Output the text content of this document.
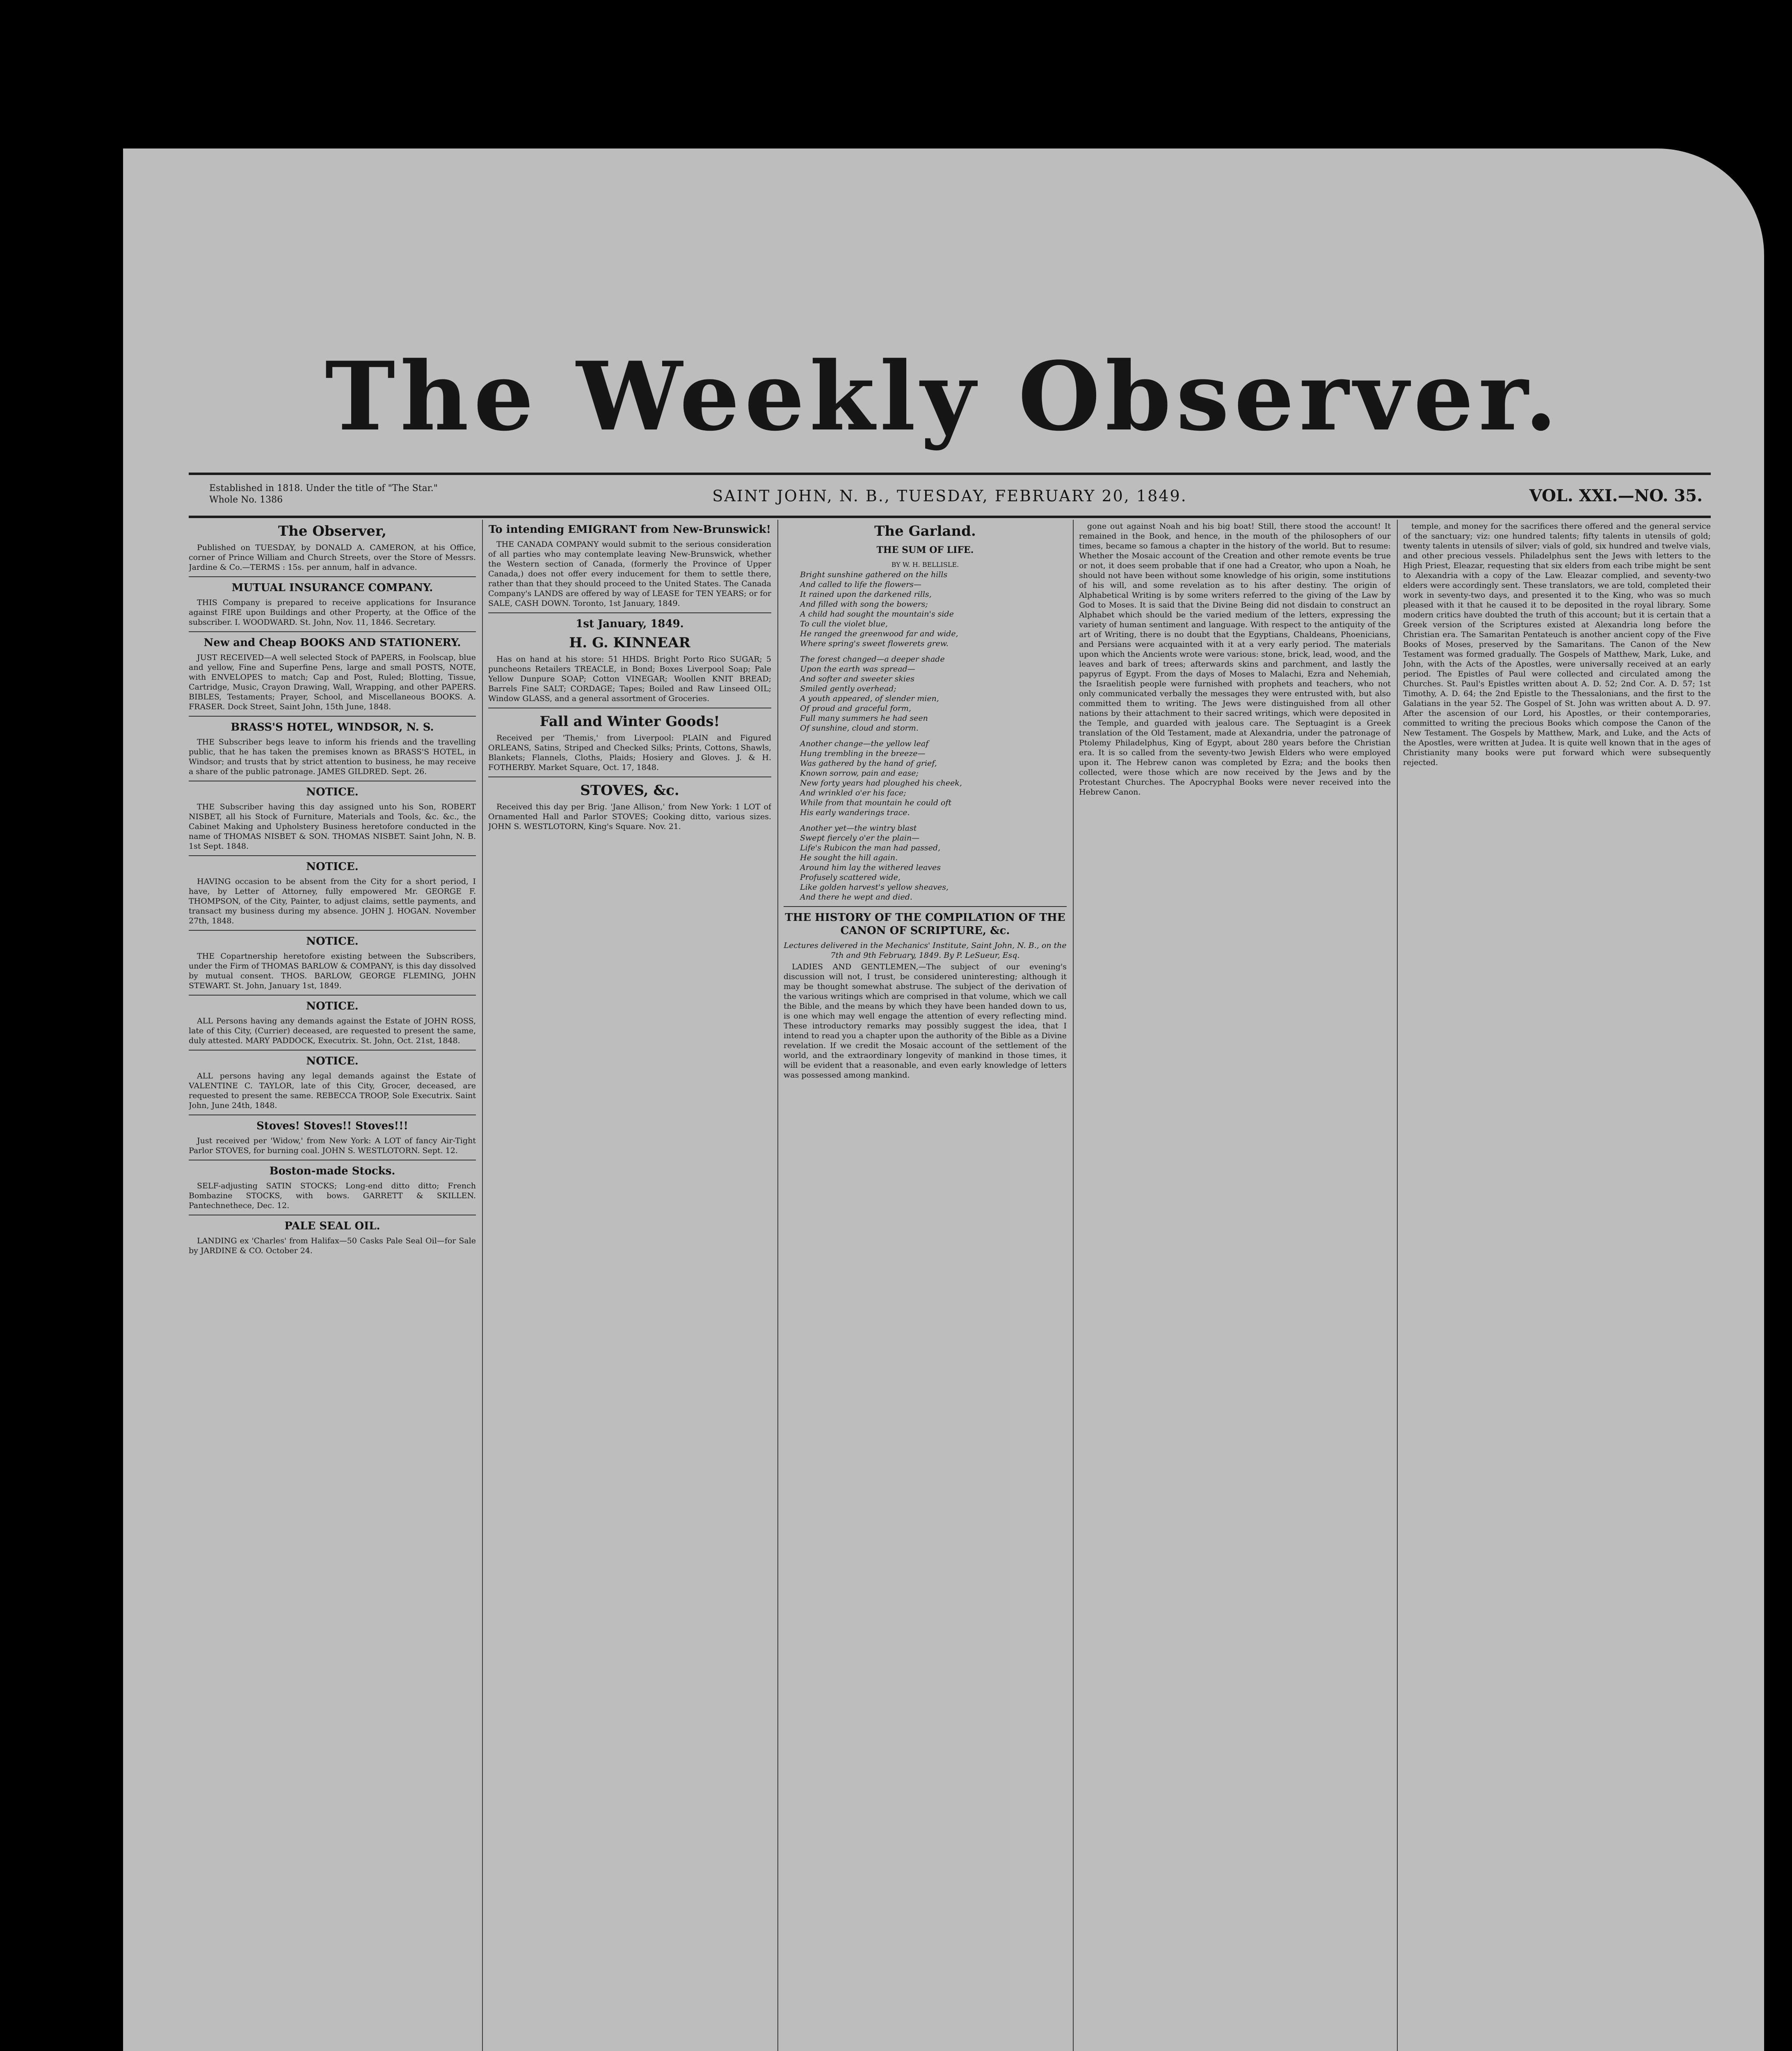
The Weekly Observer.
Established in 1818. Under the title of "The Star."
Whole No. 1386	SAINT JOHN, N. B., TUESDAY, FEBRUARY 20, 1849.	VOL. XXI.—NO. 35.
The Observer,
Published on TUESDAY, by DONALD A. CAMERON, at his Office, corner of Prince William and Church Streets, over the Store of Messrs. Jardine & Co.—TERMS : 15s. per annum, half in advance.
MUTUAL INSURANCE COMPANY.
THIS Company is prepared to receive applications for Insurance against FIRE upon Buildings and other Property, at the Office of the subscriber. I. WOODWARD. St. John, Nov. 11, 1846. Secretary.
New and Cheap BOOKS AND STATIONERY.
JUST RECEIVED—A well selected Stock of PAPERS, in Foolscap, blue and yellow, Fine and Superfine Pens, large and small POSTS, NOTE, with ENVELOPES to match; Cap and Post, Ruled; Blotting, Tissue, Cartridge, Music, Crayon Drawing, Wall, Wrapping, and other PAPERS. BIBLES, Testaments; Prayer, School, and Miscellaneous BOOKS. A. FRASER. Dock Street, Saint John, 15th June, 1848.
BRASS'S HOTEL, WINDSOR, N. S.
THE Subscriber begs leave to inform his friends and the travelling public, that he has taken the premises known as BRASS'S HOTEL, in Windsor; and trusts that by strict attention to business, he may receive a share of the public patronage. JAMES GILDRED. Sept. 26.
NOTICE.
THE Subscriber having this day assigned unto his Son, ROBERT NISBET, all his Stock of Furniture, Materials and Tools, &c. &c., the Cabinet Making and Upholstery Business heretofore conducted in the name of THOMAS NISBET & SON. THOMAS NISBET. Saint John, N. B. 1st Sept. 1848.
NOTICE.
HAVING occasion to be absent from the City for a short period, I have, by Letter of Attorney, fully empowered Mr. GEORGE F. THOMPSON, of the City, Painter, to adjust claims, settle payments, and transact my business during my absence. JOHN J. HOGAN. November 27th, 1848.
NOTICE.
THE Copartnership heretofore existing between the Subscribers, under the Firm of THOMAS BARLOW & COMPANY, is this day dissolved by mutual consent. THOS. BARLOW, GEORGE FLEMING, JOHN STEWART. St. John, January 1st, 1849.
NOTICE.
ALL Persons having any demands against the Estate of JOHN ROSS, late of this City, (Currier) deceased, are requested to present the same, duly attested. MARY PADDOCK, Executrix. St. John, Oct. 21st, 1848.
NOTICE.
ALL persons having any legal demands against the Estate of VALENTINE C. TAYLOR, late of this City, Grocer, deceased, are requested to present the same. REBECCA TROOP, Sole Executrix. Saint John, June 24th, 1848.
Stoves! Stoves!! Stoves!!!
Just received per 'Widow,' from New York: A LOT of fancy Air-Tight Parlor STOVES, for burning coal. JOHN S. WESTLOTORN. Sept. 12.
Boston-made Stocks.
SELF-adjusting SATIN STOCKS; Long-end ditto ditto; French Bombazine STOCKS, with bows. GARRETT & SKILLEN. Pantechnethece, Dec. 12.
PALE SEAL OIL.
LANDING ex 'Charles' from Halifax—50 Casks Pale Seal Oil—for Sale by JARDINE & CO. October 24.
To intending EMIGRANT from New-Brunswick!
THE CANADA COMPANY would submit to the serious consideration of all parties who may contemplate leaving New-Brunswick, whether the Western section of Canada, (formerly the Province of Upper Canada,) does not offer every inducement for them to settle there, rather than that they should proceed to the United States. The Canada Company's LANDS are offered by way of LEASE for TEN YEARS; or for SALE, CASH DOWN. Toronto, 1st January, 1849.
1st January, 1849.
H. G. KINNEAR
Has on hand at his store: 51 HHDS. Bright Porto Rico SUGAR; 5 puncheons Retailers TREACLE, in Bond; Boxes Liverpool Soap; Pale Yellow Dunpure SOAP; Cotton VINEGAR; Woollen KNIT BREAD; Barrels Fine SALT; CORDAGE; Tapes; Boiled and Raw Linseed OIL; Window GLASS, and a general assortment of Groceries.
Fall and Winter Goods!
Received per 'Themis,' from Liverpool: PLAIN and Figured ORLEANS, Satins, Striped and Checked Silks; Prints, Cottons, Shawls, Blankets; Flannels, Cloths, Plaids; Hosiery and Gloves. J. & H. FOTHERBY. Market Square, Oct. 17, 1848.
STOVES, &c.
Received this day per Brig. 'Jane Allison,' from New York: 1 LOT of Ornamented Hall and Parlor STOVES; Cooking ditto, various sizes. JOHN S. WESTLOTORN, King's Square. Nov. 21.
The Garland.
THE SUM OF LIFE.
BY W. H. BELLISLE.
Bright sunshine gathered on the hills
And called to life the flowers—
It rained upon the darkened rills,
And filled with song the bowers;
A child had sought the mountain's side
To cull the violet blue,
He ranged the greenwood far and wide,
Where spring's sweet flowerets grew.
The forest changed—a deeper shade
Upon the earth was spread—
And softer and sweeter skies
Smiled gently overhead;
A youth appeared, of slender mien,
Of proud and graceful form,
Full many summers he had seen
Of sunshine, cloud and storm.
Another change—the yellow leaf
Hung trembling in the breeze—
Was gathered by the hand of grief,
Known sorrow, pain and ease;
New forty years had ploughed his cheek,
And wrinkled o'er his face;
While from that mountain he could oft
His early wanderings trace.
Another yet—the wintry blast
Swept fiercely o'er the plain—
Life's Rubicon the man had passed,
He sought the hill again.
Around him lay the withered leaves
Profusely scattered wide,
Like golden harvest's yellow sheaves,
And there he wept and died.
THE HISTORY OF THE COMPILATION OF THE CANON OF SCRIPTURE, &c.
Lectures delivered in the Mechanics' Institute, Saint John, N. B., on the 7th and 9th February, 1849. By P. LeSueur, Esq.
LADIES AND GENTLEMEN,—The subject of our evening's discussion will not, I trust, be considered uninteresting; although it may be thought somewhat abstruse. The subject of the derivation of the various writings which are comprised in that volume, which we call the Bible, and the means by which they have been handed down to us, is one which may well engage the attention of every reflecting mind. These introductory remarks may possibly suggest the idea, that I intend to read you a chapter upon the authority of the Bible as a Divine revelation. If we credit the Mosaic account of the settlement of the world, and the extraordinary longevity of mankind in those times, it will be evident that a reasonable, and even early knowledge of letters was possessed among mankind.
gone out against Noah and his big boat! Still, there stood the account! It remained in the Book, and hence, in the mouth of the philosophers of our times, became so famous a chapter in the history of the world. But to resume: Whether the Mosaic account of the Creation and other remote events be true or not, it does seem probable that if one had a Creator, who upon a Noah, he should not have been without some knowledge of his origin, some institutions of his will, and some revelation as to his after destiny. The origin of Alphabetical Writing is by some writers referred to the giving of the Law by God to Moses. It is said that the Divine Being did not disdain to construct an Alphabet which should be the varied medium of the letters, expressing the variety of human sentiment and language. With respect to the antiquity of the art of Writing, there is no doubt that the Egyptians, Chaldeans, Phoenicians, and Persians were acquainted with it at a very early period. The materials upon which the Ancients wrote were various: stone, brick, lead, wood, and the leaves and bark of trees; afterwards skins and parchment, and lastly the papyrus of Egypt. From the days of Moses to Malachi, Ezra and Nehemiah, the Israelitish people were furnished with prophets and teachers, who not only communicated verbally the messages they were entrusted with, but also committed them to writing. The Jews were distinguished from all other nations by their attachment to their sacred writings, which were deposited in the Temple, and guarded with jealous care. The Septuagint is a Greek translation of the Old Testament, made at Alexandria, under the patronage of Ptolemy Philadelphus, King of Egypt, about 280 years before the Christian era. It is so called from the seventy-two Jewish Elders who were employed upon it. The Hebrew canon was completed by Ezra; and the books then collected, were those which are now received by the Jews and by the Protestant Churches. The Apocryphal Books were never received into the Hebrew Canon.
temple, and money for the sacrifices there offered and the general service of the sanctuary; viz: one hundred talents; fifty talents in utensils of gold; twenty talents in utensils of silver; vials of gold, six hundred and twelve vials, and other precious vessels. Philadelphus sent the Jews with letters to the High Priest, Eleazar, requesting that six elders from each tribe might be sent to Alexandria with a copy of the Law. Eleazar complied, and seventy-two elders were accordingly sent. These translators, we are told, completed their work in seventy-two days, and presented it to the King, who was so much pleased with it that he caused it to be deposited in the royal library. Some modern critics have doubted the truth of this account; but it is certain that a Greek version of the Scriptures existed at Alexandria long before the Christian era. The Samaritan Pentateuch is another ancient copy of the Five Books of Moses, preserved by the Samaritans. The Canon of the New Testament was formed gradually. The Gospels of Matthew, Mark, Luke, and John, with the Acts of the Apostles, were universally received at an early period. The Epistles of Paul were collected and circulated among the Churches. St. Paul's Epistles written about A. D. 52; 2nd Cor. A. D. 57; 1st Timothy, A. D. 64; the 2nd Epistle to the Thessalonians, and the first to the Galatians in the year 52. The Gospel of St. John was written about A. D. 97. After the ascension of our Lord, his Apostles, or their contemporaries, committed to writing the precious Books which compose the Canon of the New Testament. The Gospels by Matthew, Mark, and Luke, and the Acts of the Apostles, were written at Judea. It is quite well known that in the ages of Christianity many books were put forward which were subsequently rejected.
